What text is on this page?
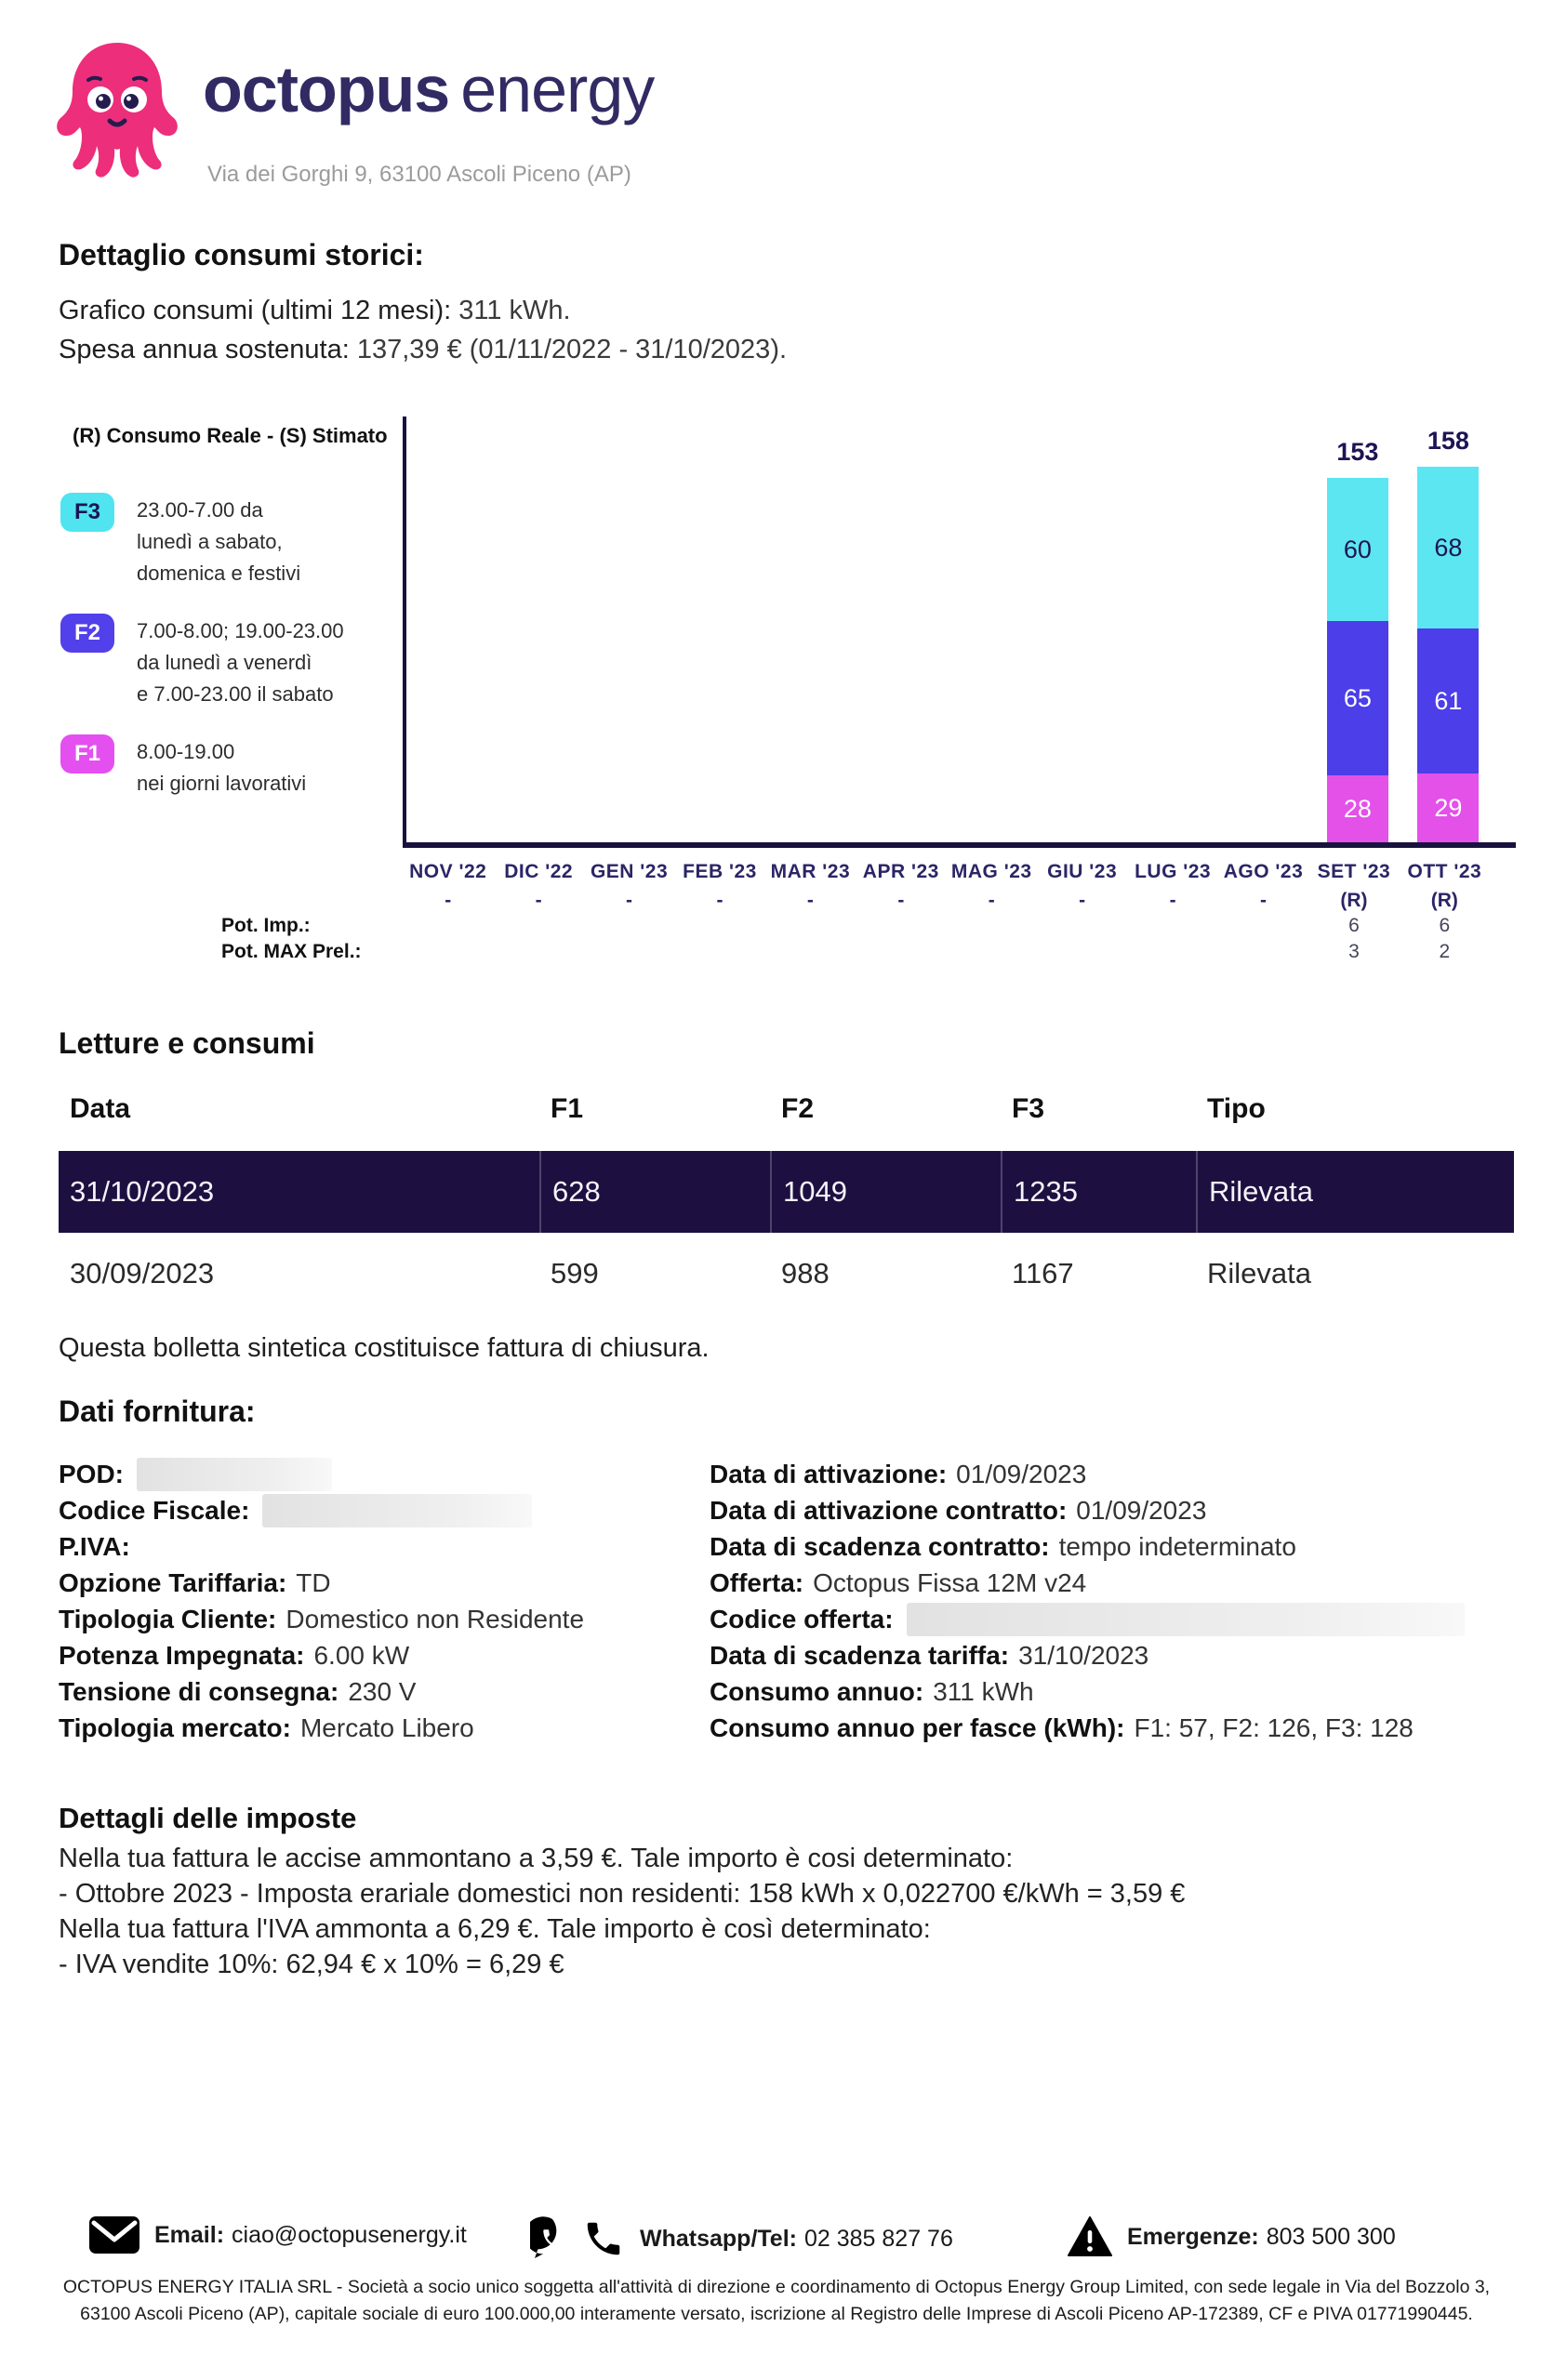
octopus energy
Via dei Gorghi 9, 63100 Ascoli Piceno (AP)
Dettaglio consumi storici:
Grafico consumi (ultimi 12 mesi): 311 kWh.
Spesa annua sostenuta: 137,39 € (01/11/2022 - 31/10/2023).
(R) Consumo Reale - (S) Stimato
F3	23.00-7.00 da
lunedì a sabato,
domenica e festivi
F2	7.00-8.00; 19.00-23.00
da lunedì a venerdì
e 7.00-23.00 il sabato
F1	8.00-19.00
nei giorni lavorativi
153
60
65
28
158
68
61
29
NOV '22
-
DIC '22
-
GEN '23
-
FEB '23
-
MAR '23
-
APR '23
-
MAG '23
-
GIU '23
-
LUG '23
-
AGO '23
-
SET '23
(R)
OTT '23
(R)
Pot. Imp.:	6	6
Pot. MAX Prel.:	3	2
Letture e consumi
Data	F1	F2	F3	Tipo
31/10/2023	628	1049	1235	Rilevata
30/09/2023	599	988	1167	Rilevata
Questa bolletta sintetica costituisce fattura di chiusura.
Dati fornitura:
POD:
Codice Fiscale:
P.IVA:
Opzione Tariffaria: TD
Tipologia Cliente: Domestico non Residente
Potenza Impegnata: 6.00 kW
Tensione di consegna: 230 V
Tipologia mercato: Mercato Libero
Data di attivazione: 01/09/2023
Data di attivazione contratto: 01/09/2023
Data di scadenza contratto: tempo indeterminato
Offerta: Octopus Fissa 12M v24
Codice offerta:
Data di scadenza tariffa: 31/10/2023
Consumo annuo: 311 kWh
Consumo annuo per fasce (kWh): F1: 57, F2: 126, F3: 128
Dettagli delle imposte
Nella tua fattura le accise ammontano a 3,59 €. Tale importo è cosi determinato:
- Ottobre 2023 - Imposta erariale domestici non residenti: 158 kWh x 0,022700 €/kWh = 3,59 €
Nella tua fattura l'IVA ammonta a 6,29 €. Tale importo è così determinato:
- IVA vendite 10%: 62,94 € x 10% = 6,29 €
Email: ciao@octopusenergy.it	Whatsapp/Tel: 02 385 827 76	Emergenze: 803 500 300
OCTOPUS ENERGY ITALIA SRL - Società a socio unico soggetta all'attività di direzione e coordinamento di Octopus Energy Group Limited, con sede legale in Via del Bozzolo 3,
63100 Ascoli Piceno (AP), capitale sociale di euro 100.000,00 interamente versato, iscrizione al Registro delle Imprese di Ascoli Piceno AP-172389, CF e PIVA 01771990445.
